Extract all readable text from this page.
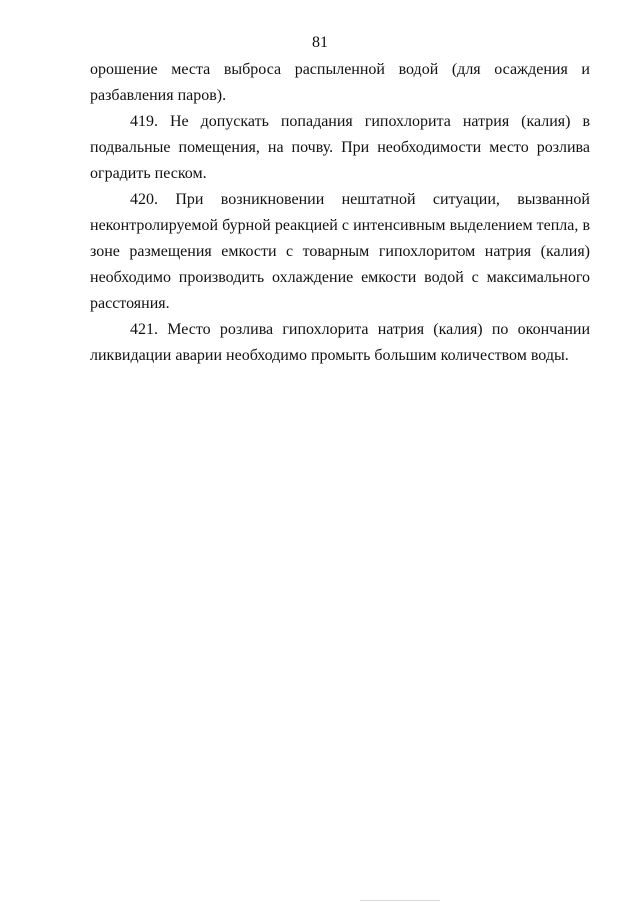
81

орошение места выброса распыленной водой (для осаждения и разбавления паров).

419. Не допускать попадания гипохлорита натрия (калия) в подвальные помещения, на почву. При необходимости место розлива оградить песком.

420. При возникновении нештатной ситуации, вызванной неконтролируемой бурной реакцией с интенсивным выделением тепла, в зоне размещения емкости с товарным гипохлоритом натрия (калия) необходимо производить охлаждение емкости водой с максимального расстояния.

421. Место розлива гипохлорита натрия (калия) по окончании ликвидации аварии необходимо промыть большим количеством воды.
